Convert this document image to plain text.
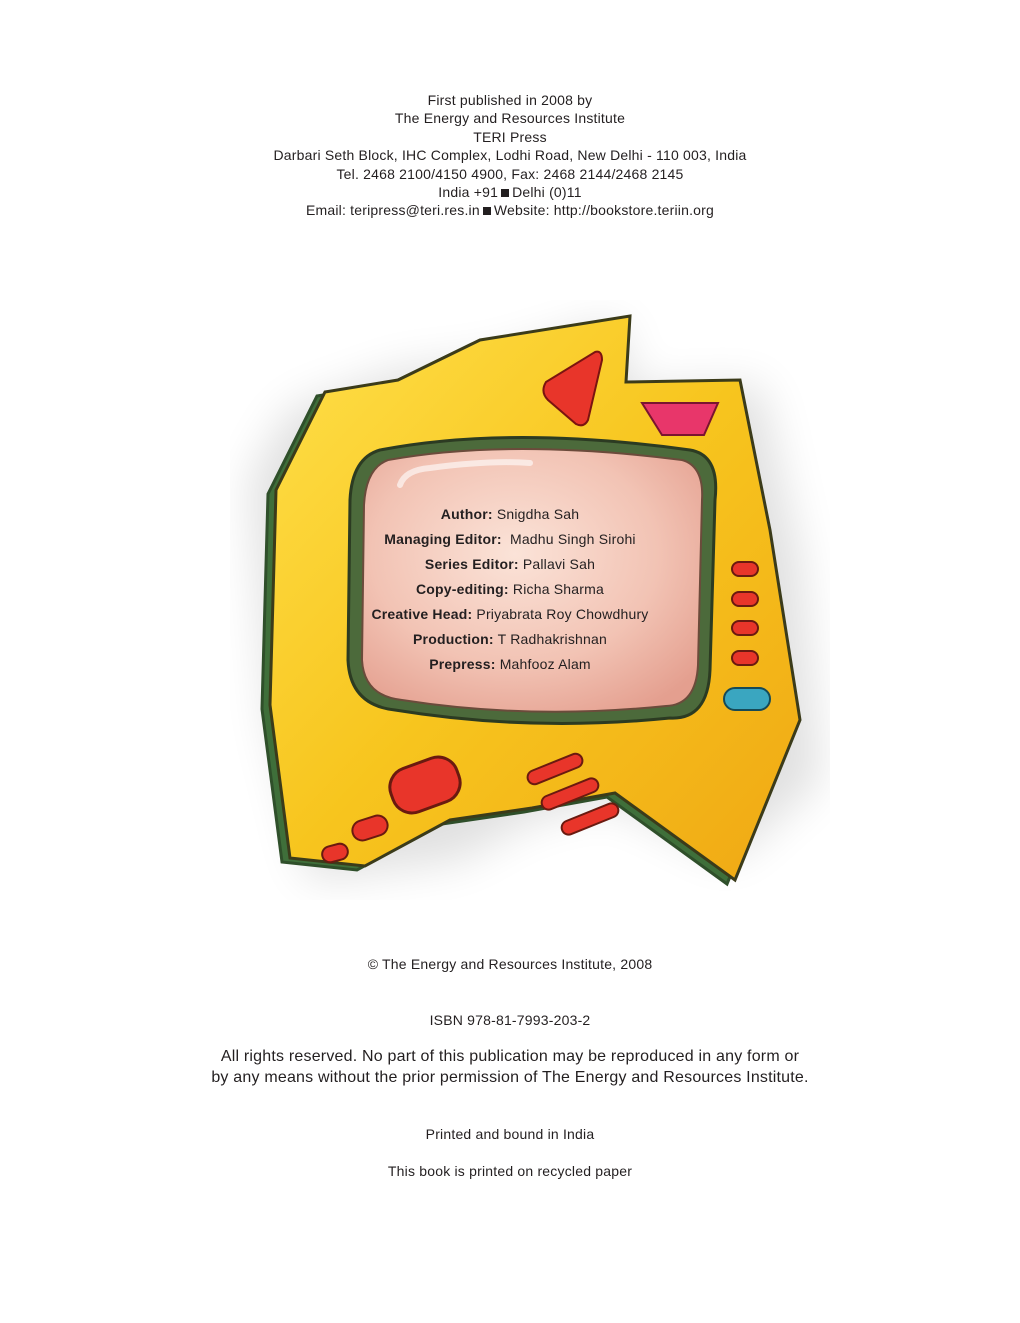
First published in 2008 by
The Energy and Resources Institute
TERI Press
Darbari Seth Block, IHC Complex, Lodhi Road, New Delhi - 110 003, India
Tel. 2468 2100/4150 4900, Fax: 2468 2144/2468 2145
India +91 Delhi (0)11
Email: teripress@teri.res.in Website: http://bookstore.teriin.org
Author: Snigdha Sah
Managing Editor: Madhu Singh Sirohi
Series Editor: Pallavi Sah
Copy-editing: Richa Sharma
Creative Head: Priyabrata Roy Chowdhury
Production: T Radhakrishnan
Prepress: Mahfooz Alam
© The Energy and Resources Institute, 2008
ISBN 978-81-7993-203-2
All rights reserved. No part of this publication may be reproduced in any form or
by any means without the prior permission of The Energy and Resources Institute.
Printed and bound in India
This book is printed on recycled paper
